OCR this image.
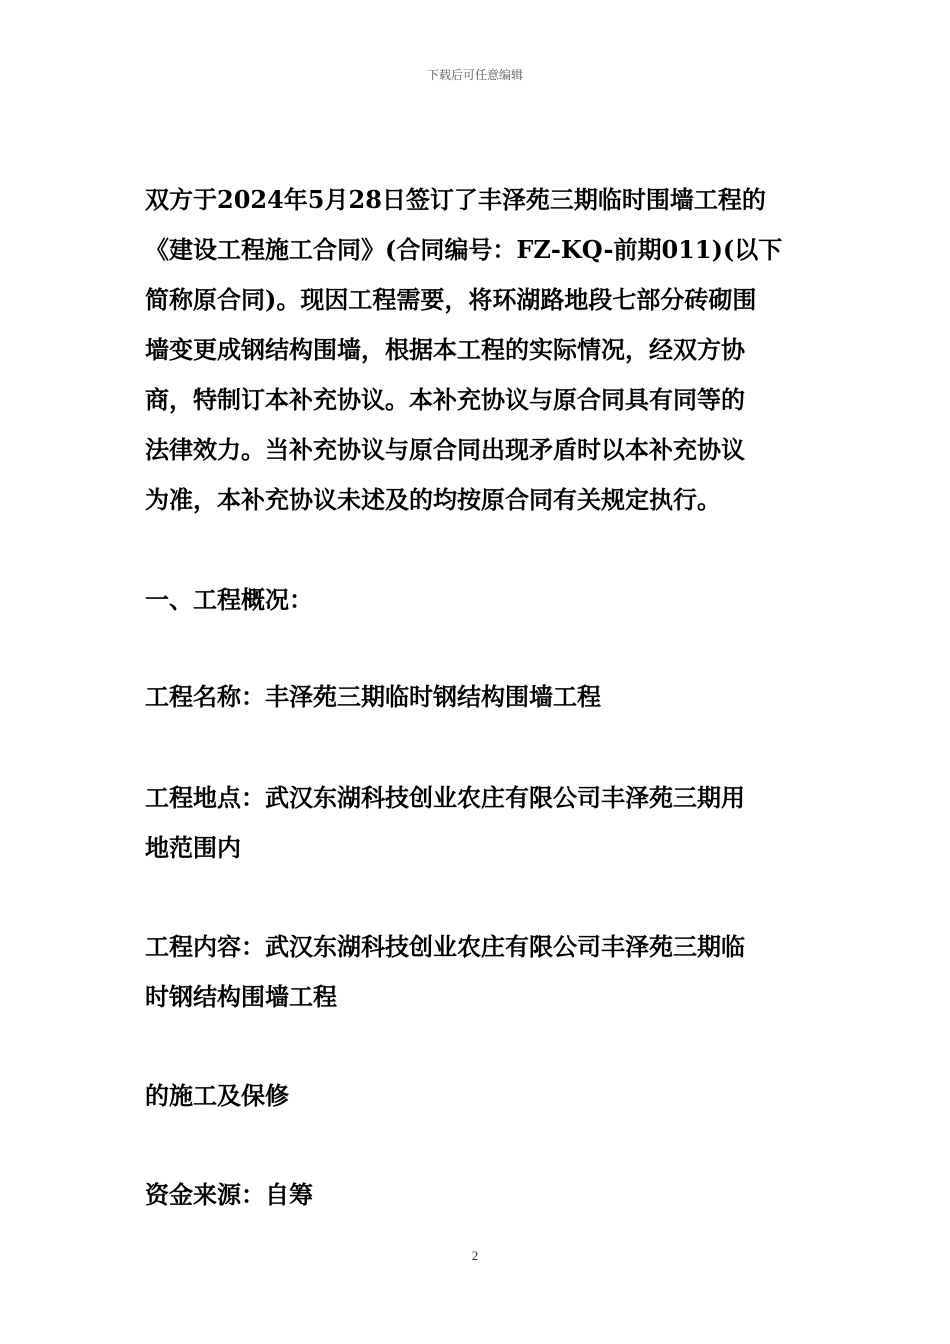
下载后可任意编辑
双方于2024年5月28日签订了丰泽苑三期临时围墙工程的
《建设工程施工合同》(合同编号：FZ-KQ-前期011)(以下
简称原合同)。现因工程需要，将环湖路地段七部分砖砌围
墙变更成钢结构围墙，根据本工程的实际情况，经双方协
商，特制订本补充协议。本补充协议与原合同具有同等的
法律效力。当补充协议与原合同出现矛盾时以本补充协议
为准，本补充协议未述及的均按原合同有关规定执行。
一、工程概况：
工程名称：丰泽苑三期临时钢结构围墙工程
工程地点：武汉东湖科技创业农庄有限公司丰泽苑三期用
地范围内
工程内容：武汉东湖科技创业农庄有限公司丰泽苑三期临
时钢结构围墙工程
的施工及保修
资金来源：自筹
2
